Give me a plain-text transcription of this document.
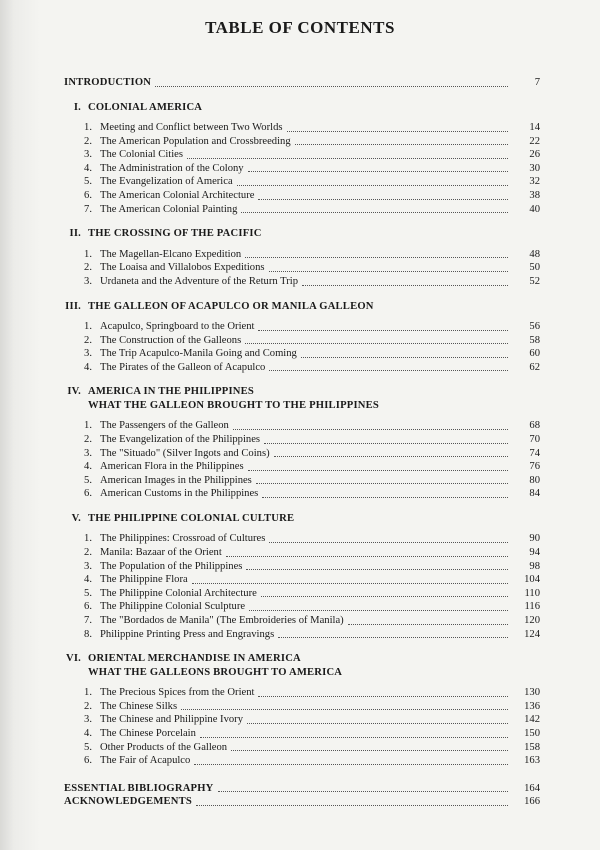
TABLE OF CONTENTS
INTRODUCTION	7
I. COLONIAL AMERICA
1. Meeting and Conflict between Two Worlds	14
2. The American Population and Crossbreeding	22
3. The Colonial Cities	26
4. The Administration of the Colony	30
5. The Evangelization of America	32
6. The American Colonial Architecture	38
7. The American Colonial Painting	40
II. THE CROSSING OF THE PACIFIC
1. The Magellan-Elcano Expedition	48
2. The Loaisa and Villalobos Expeditions	50
3. Urdaneta and the Adventure of the Return Trip	52
III. THE GALLEON OF ACAPULCO OR MANILA GALLEON
1. Acapulco, Springboard to the Orient	56
2. The Construction of the Galleons	58
3. The Trip Acapulco-Manila Going and Coming	60
4. The Pirates of the Galleon of Acapulco	62
IV. AMERICA IN THE PHILIPPINES
WHAT THE GALLEON BROUGHT TO THE PHILIPPINES
1. The Passengers of the Galleon	68
2. The Evangelization of the Philippines	70
3. The "Situado" (Silver Ingots and Coins)	74
4. American Flora in the Philippines	76
5. American Images in the Philippines	80
6. American Customs in the Philippines	84
V. THE PHILIPPINE COLONIAL CULTURE
1. The Philippines: Crossroad of Cultures	90
2. Manila: Bazaar of the Orient	94
3. The Population of the Philippines	98
4. The Philippine Flora	104
5. The Philippine Colonial Architecture	110
6. The Philippine Colonial Sculpture	116
7. The "Bordados de Manila" (The Embroideries of Manila)	120
8. Philippine Printing Press and Engravings	124
VI. ORIENTAL MERCHANDISE IN AMERICA
WHAT THE GALLEONS BROUGHT TO AMERICA
1. The Precious Spices from the Orient	130
2. The Chinese Silks	136
3. The Chinese and Philippine Ivory	142
4. The Chinese Porcelain	150
5. Other Products of the Galleon	158
6. The Fair of Acapulco	163
ESSENTIAL BIBLIOGRAPHY	164
ACKNOWLEDGEMENTS	166
